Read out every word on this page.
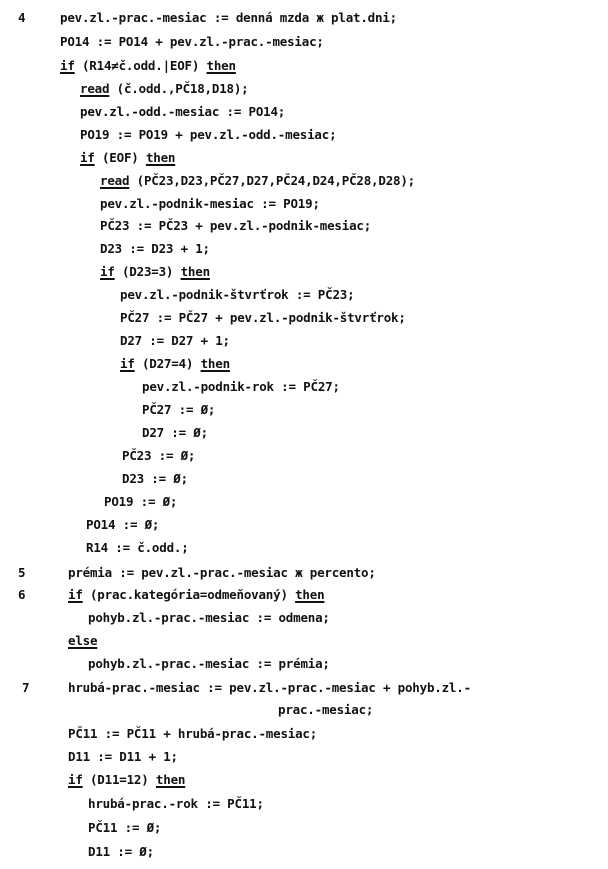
4	pev.zl.-prac.-mesiac := denná mzda ж plat.dni;
PO14 := PO14 + pev.zl.-prac.-mesiac;
if (R14≠č.odd.|EOF) then
read (č.odd.,PČ18,D18);
pev.zl.-odd.-mesiac := PO14;
PO19 := PO19 + pev.zl.-odd.-mesiac;
if (EOF) then
read (PČ23,D23,PČ27,D27,PČ24,D24,PČ28,D28);
pev.zl.-podnik-mesiac := PO19;
PČ23 := PČ23 + pev.zl.-podnik-mesiac;
D23 := D23 + 1;
if (D23=3) then
pev.zl.-podnik-štvrťrok := PČ23;
PČ27 := PČ27 + pev.zl.-podnik-štvrťrok;
D27 := D27 + 1;
if (D27=4) then
pev.zl.-podnik-rok := PČ27;
PČ27 := Ø;
D27 := Ø;
PČ23 := Ø;
D23 := Ø;
PO19 := Ø;
PO14 := Ø;
R14 := č.odd.;
5	prémia := pev.zl.-prac.-mesiac ж percento;
6	if (prac.kategória=odmeňovaný) then
pohyb.zl.-prac.-mesiac := odmena;
else
pohyb.zl.-prac.-mesiac := prémia;
7	hrubá-prac.-mesiac := pev.zl.-prac.-mesiac + pohyb.zl.-
prac.-mesiac;
PČ11 := PČ11 + hrubá-prac.-mesiac;
D11 := D11 + 1;
if (D11=12) then
hrubá-prac.-rok := PČ11;
PČ11 := Ø;
D11 := Ø;
